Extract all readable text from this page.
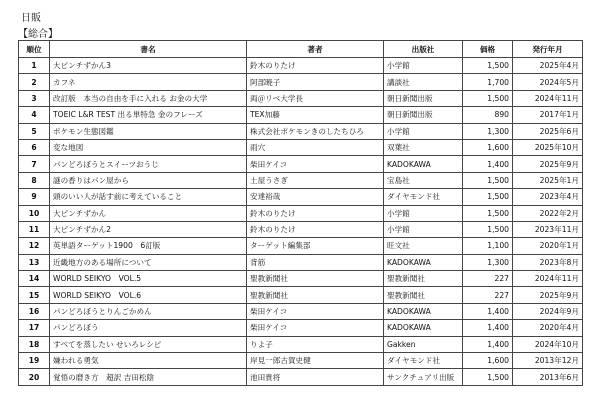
日販
【総合】
順位	書名	著者	出版社	価格	発行年月
1	大ピンチずかん3	鈴木のりたけ	小学館	1,500	2025年4月
2	カフネ	阿部暁子	講談社	1,700	2024年5月
3	改訂版　本当の自由を手に入れる お金の大学	両＠リベ大学長	朝日新聞出版	1,500	2024年11月
4	TOEIC L&R TEST 出る単特急 金のフレーズ	TEX加藤	朝日新聞出版	890	2017年1月
5	ポケモン生態図鑑	株式会社ポケモンきのしたちひろ	小学館	1,300	2025年6月
6	変な地図	雨穴	双葉社	1,600	2025年10月
7	パンどろぼうとスイーツおうじ	柴田ケイコ	KADOKAWA	1,400	2025年9月
8	謎の香りはパン屋から	土屋うさぎ	宝島社	1,500	2025年1月
9	頭のいい人が話す前に考えていること	安達裕哉	ダイヤモンド社	1,500	2023年4月
10	大ピンチずかん	鈴木のりたけ	小学館	1,500	2022年2月
11	大ピンチずかん2	鈴木のりたけ	小学館	1,500	2023年11月
12	英単語ターゲット1900　6訂版	ターゲット編集部	旺文社	1,100	2020年1月
13	近畿地方のある場所について	背筋	KADOKAWA	1,300	2023年8月
14	WORLD SEIKYO　VOL.5	聖教新聞社	聖教新聞社	227	2024年11月
15	WORLD SEIKYO　VOL.6	聖教新聞社	聖教新聞社	227	2025年9月
16	パンどろぼうとりんごかめん	柴田ケイコ	KADOKAWA	1,400	2024年9月
17	パンどろぼう	柴田ケイコ	KADOKAWA	1,400	2020年4月
18	すべてを蒸したい せいろレシピ	りよ子	Gakken	1,400	2024年10月
19	嫌われる勇気	岸見一郎古賀史健	ダイヤモンド社	1,600	2013年12月
20	覚悟の磨き方　超訳 吉田松陰	池田貴将	サンクチュアリ出版	1,500	2013年6月
